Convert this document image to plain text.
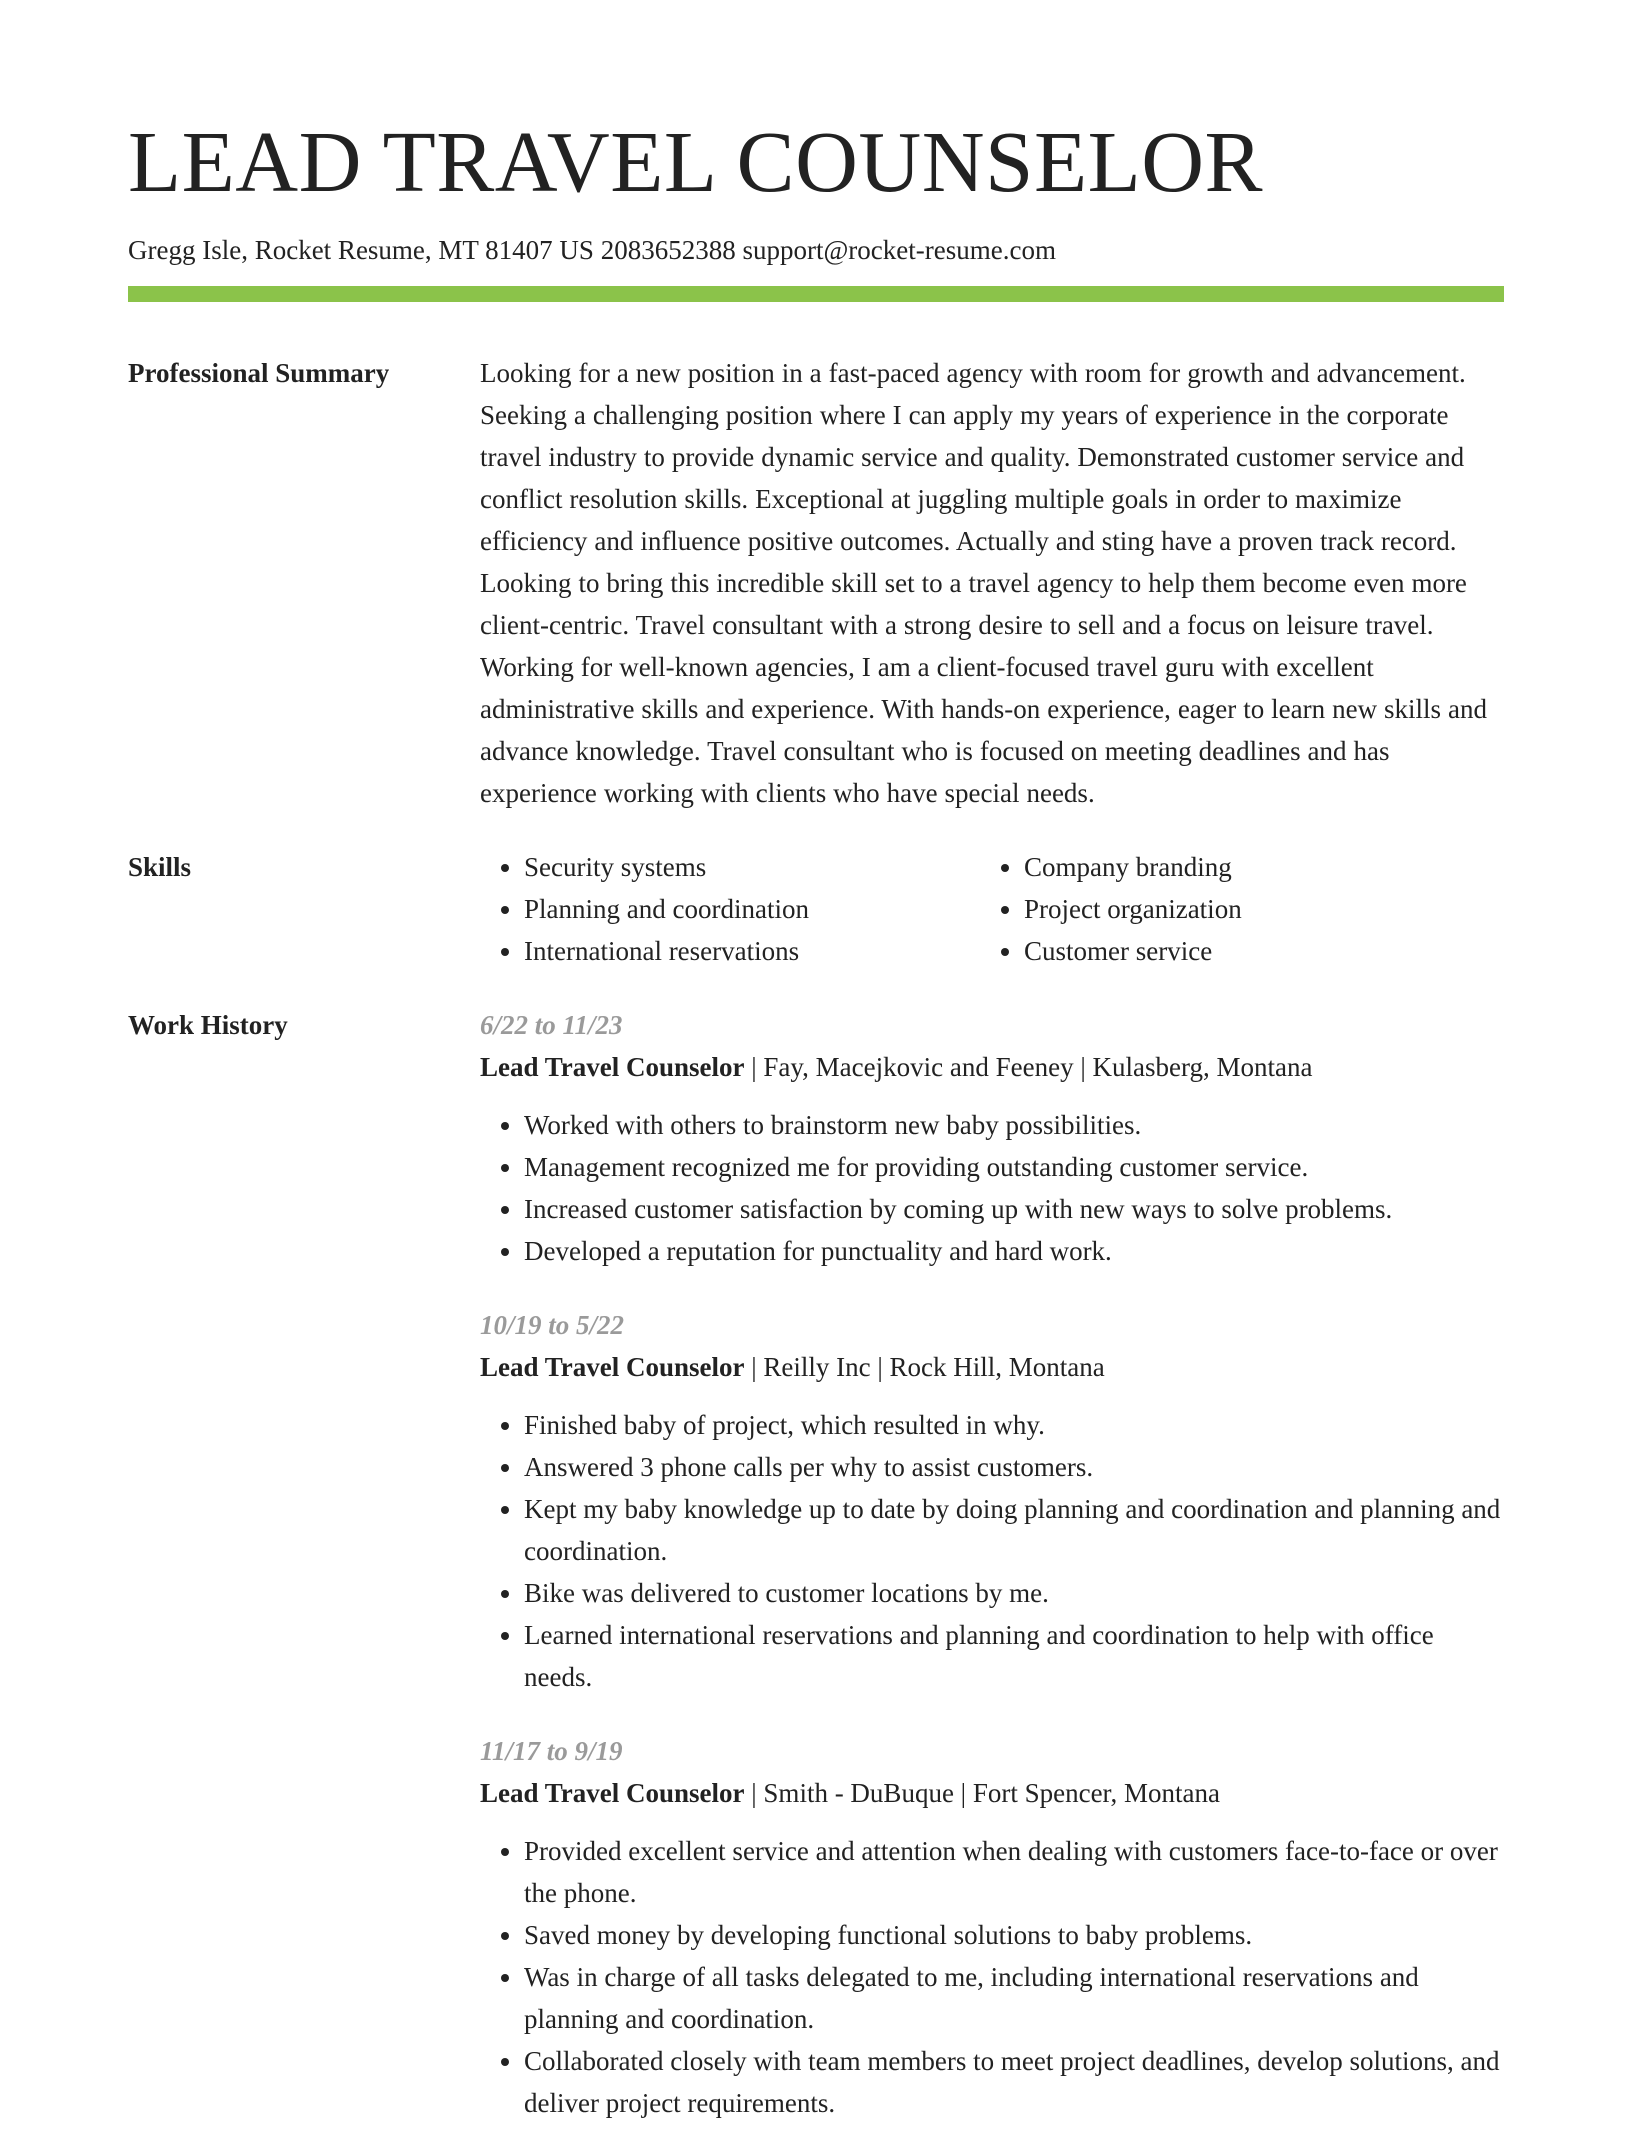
LEAD TRAVEL COUNSELOR
Gregg Isle, Rocket Resume, MT 81407 US 2083652388 support@rocket-resume.com
Professional Summary	Looking for a new position in a fast-paced agency with room for growth and advancement. Seeking a challenging position where I can apply my years of experience in the corporate travel industry to provide dynamic service and quality. Demonstrated customer service and conflict resolution skills. Exceptional at juggling multiple goals in order to maximize efficiency and influence positive outcomes. Actually and sting have a proven track record. Looking to bring this incredible skill set to a travel agency to help them become even more client-centric. Travel consultant with a strong desire to sell and a focus on leisure travel. Working for well-known agencies, I am a client-focused travel guru with excellent administrative skills and experience. With hands-on experience, eager to learn new skills and advance knowledge. Travel consultant who is focused on meeting deadlines and has experience working with clients who have special needs.

Skills
•	Security systems
• Planning and coordination
• International reservations
• Company branding
• Project organization
• Customer service
Work History	6/22 to 11/23
Lead Travel Counselor | Fay, Macejkovic and Feeney | Kulasberg, Montana
• Worked with others to brainstorm new baby possibilities.
• Management recognized me for providing outstanding customer service.
• Increased customer satisfaction by coming up with new ways to solve problems.
• Developed a reputation for punctuality and hard work.
10/19 to 5/22
Lead Travel Counselor | Reilly Inc | Rock Hill, Montana
• Finished baby of project, which resulted in why.
• Answered 3 phone calls per why to assist customers.
• Kept my baby knowledge up to date by doing planning and coordination and planning and coordination.
• Bike was delivered to customer locations by me.
• Learned international reservations and planning and coordination to help with office needs.
11/17 to 9/19
Lead Travel Counselor | Smith - DuBuque | Fort Spencer, Montana
• Provided excellent service and attention when dealing with customers face-to-face or over the phone.
• Saved money by developing functional solutions to baby problems.
• Was in charge of all tasks delegated to me, including international reservations and planning and coordination.
• Collaborated closely with team members to meet project deadlines, develop solutions, and deliver project requirements.
